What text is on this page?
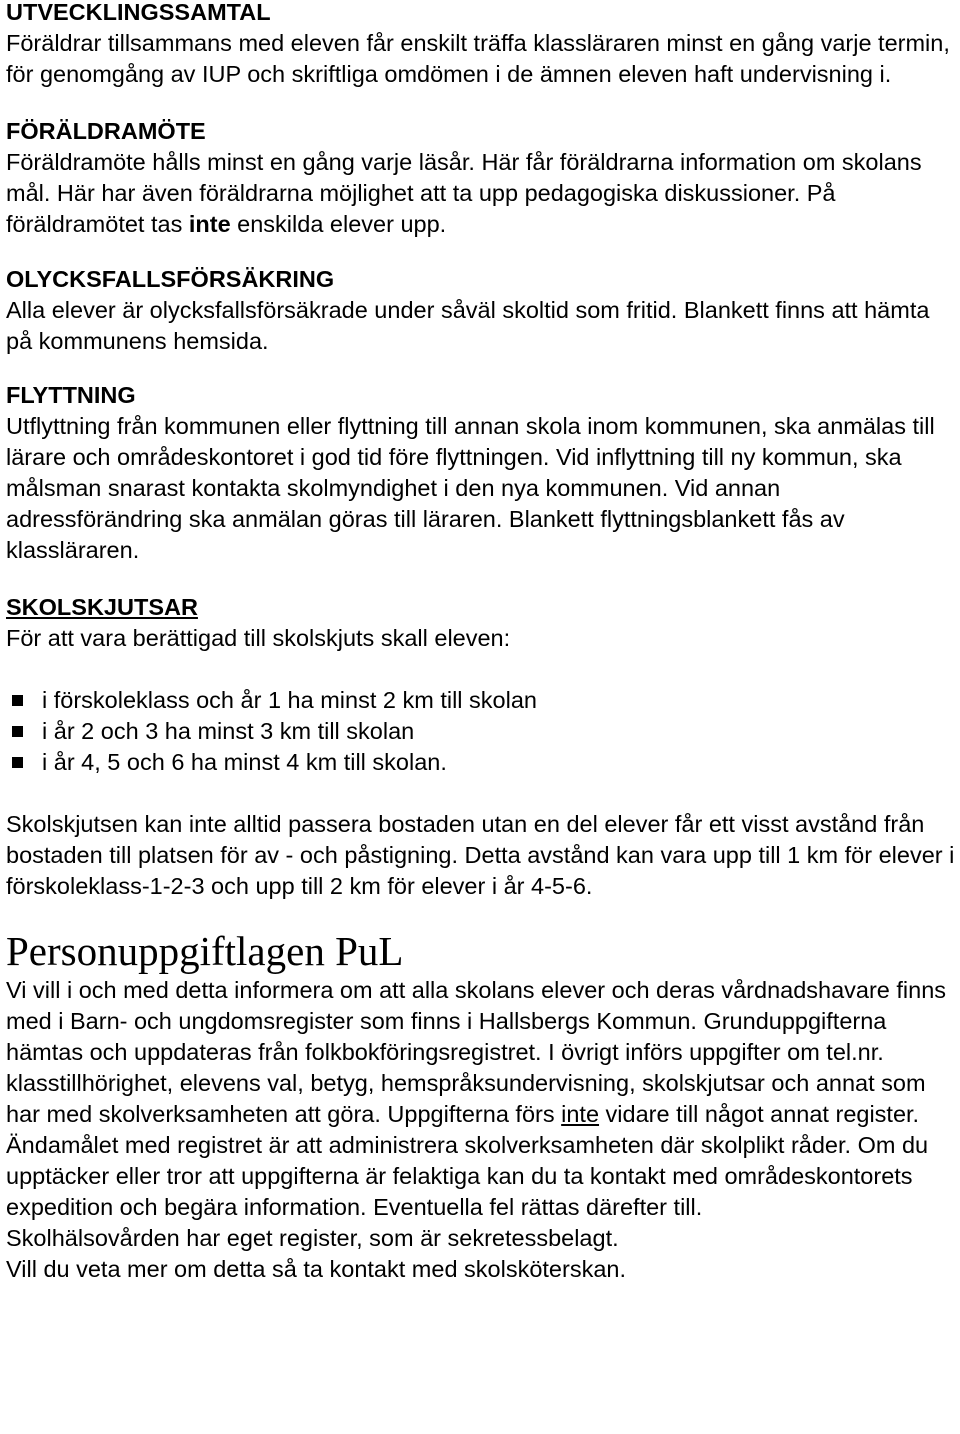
UTVECKLINGSSAMTAL

Föräldrar tillsammans med eleven får enskilt träffa klassläraren minst en gång varje termin, för genomgång av IUP och skriftliga omdömen i de ämnen eleven haft undervisning i.

FÖRÄLDRAMÖTE

Föräldramöte hålls minst en gång varje läsår. Här får föräldrarna information om skolans mål. Här har även föräldrarna möjlighet att ta upp pedagogiska diskussioner. På föräldramötet tas inte enskilda elever upp.

OLYCKSFALLSFÖRSÄKRING

Alla elever är olycksfallsförsäkrade under såväl skoltid som fritid. Blankett finns att hämta på kommunens hemsida.

FLYTTNING

Utflyttning från kommunen eller flyttning till annan skola inom kommunen, ska anmälas till lärare och områdeskontoret i god tid före flyttningen. Vid inflyttning till ny kommun, ska målsman snarast kontakta skolmyndighet i den nya kommunen. Vid annan adressförändring ska anmälan göras till läraren. Blankett flyttningsblankett fås av klassläraren.

SKOLSKJUTSAR

För att vara berättigad till skolskjuts skall eleven:

i förskoleklass och år 1 ha minst 2 km till skolan
i år 2 och 3 ha minst 3 km till skolan
i år 4, 5 och 6 ha minst 4 km till skolan.

Skolskjutsen kan inte alltid passera bostaden utan en del elever får ett visst avstånd från bostaden till platsen för av - och påstigning. Detta avstånd kan vara upp till 1 km för elever i förskoleklass-1-2-3 och upp till 2 km för elever i år 4-5-6.

Personuppgiftlagen PuL

Vi vill i och med detta informera om att alla skolans elever och deras vårdnadshavare finns med i Barn- och ungdomsregister som finns i Hallsbergs Kommun. Grunduppgifterna hämtas och uppdateras från folkbokföringsregistret. I övrigt införs uppgifter om tel.nr. klasstillhörighet, elevens val, betyg, hemspråksundervisning, skolskjutsar och annat som har med skolverksamheten att göra. Uppgifterna förs inte vidare till något annat register.

Ändamålet med registret är att administrera skolverksamheten där skolplikt råder. Om du upptäcker eller tror att uppgifterna är felaktiga kan du ta kontakt med områdeskontorets expedition och begära information. Eventuella fel rättas därefter till.

Skolhälsovården har eget register, som är sekretessbelagt.

Vill du veta mer om detta så ta kontakt med skolsköterskan.
